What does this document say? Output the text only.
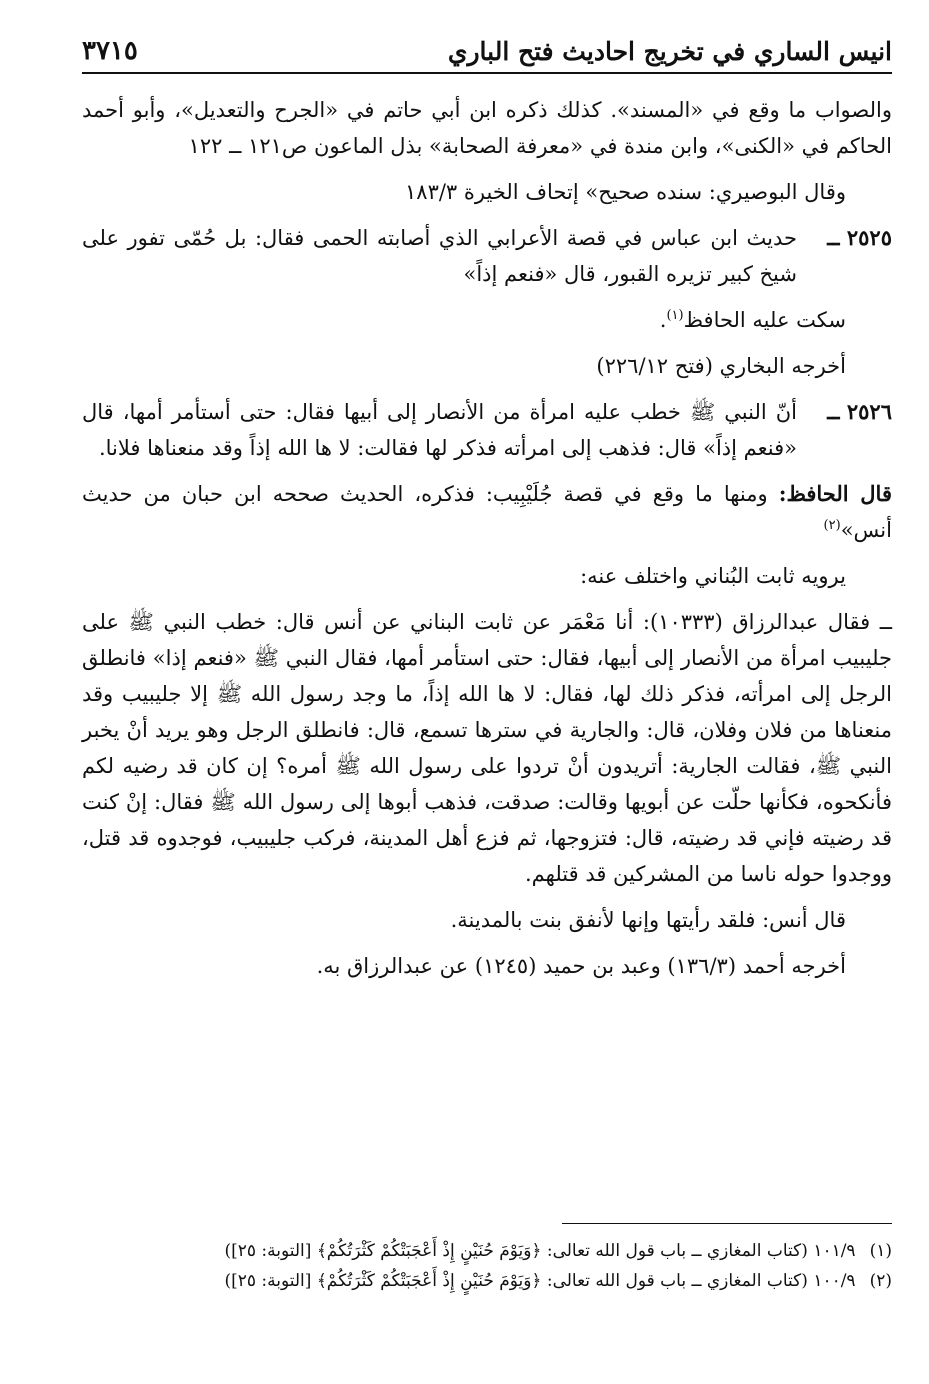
انيس الساري في تخريج احاديث فتح الباري
٣٧١٥

والصواب ما وقع في «المسند». كذلك ذكره ابن أبي حاتم في «الجرح والتعديل»، وأبو أحمد الحاكم في «الكنى»، وابن مندة في «معرفة الصحابة» بذل الماعون ص١٢١ ــ ١٢٢

وقال البوصيري: سنده صحيح» إتحاف الخيرة ١٨٣/٣

٢٥٢٥ ــ
حديث ابن عباس في قصة الأعرابي الذي أصابته الحمى فقال: بل حُمّى تفور على شيخ كبير تزيره القبور، قال «فنعم إذاً»

سكت عليه الحافظ$^{(١)}$.

أخرجه البخاري (فتح ٢٢٦/١٢)

٢٥٢٦ ــ
أنّ النبي ﷺ خطب عليه امرأة من الأنصار إلى أبيها فقال: حتى أستأمر أمها، قال «فنعم إذاً» قال: فذهب إلى امرأته فذكر لها فقالت: لا ها الله إذاً وقد منعناها فلانا.

قال الحافظ: ومنها ما وقع في قصة جُلَيْبِيب: فذكره، الحديث صححه ابن حبان من حديث أنس»$^{(٢)}$

يرويه ثابت البُناني واختلف عنه:

ــ فقال عبدالرزاق (١٠٣٣٣): أنا مَعْمَر عن ثابت البناني عن أنس قال: خطب النبي ﷺ على جليبيب امرأة من الأنصار إلى أبيها، فقال: حتى استأمر أمها، فقال النبي ﷺ «فنعم إذا» فانطلق الرجل إلى امرأته، فذكر ذلك لها، فقال: لا ها الله إذاً، ما وجد رسول الله ﷺ إلا جليبيب وقد منعناها من فلان وفلان، قال: والجارية في سترها تسمع، قال: فانطلق الرجل وهو يريد أنْ يخبر النبي ﷺ، فقالت الجارية: أتريدون أنْ تردوا على رسول الله ﷺ أمره؟ إن كان قد رضيه لكم فأنكحوه، فكأنها حلّت عن أبويها وقالت: صدقت، فذهب أبوها إلى رسول الله ﷺ فقال: إنْ كنت قد رضيته فإني قد رضيته، قال: فتزوجها، ثم فزع أهل المدينة، فركب جليبيب، فوجدوه قد قتل، ووجدوا حوله ناسا من المشركين قد قتلهم.

قال أنس: فلقد رأيتها وإنها لأنفق بنت بالمدينة.

أخرجه أحمد (١٣٦/٣) وعبد بن حميد (١٢٤٥) عن عبدالرزاق به.

(١)
١٠١/٩ (كتاب المغازي ــ باب قول الله تعالى: ﴿وَيَوْمَ حُنَيْنٍ إِذْ أَعْجَبَتْكُمْ كَثْرَتُكُمْ﴾ [التوبة: ٢٥])
(٢)
١٠٠/٩ (كتاب المغازي ــ باب قول الله تعالى: ﴿وَيَوْمَ حُنَيْنٍ إِذْ أَعْجَبَتْكُمْ كَثْرَتُكُمْ﴾ [التوبة: ٢٥])
